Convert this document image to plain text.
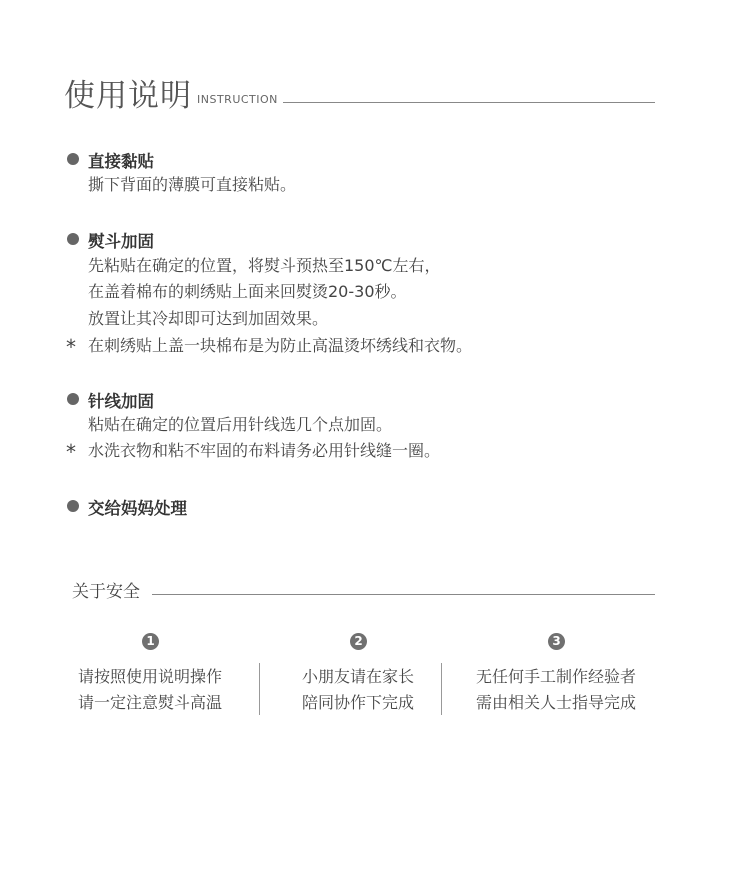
使用说明 INSTRUCTION
直接黏贴
撕下背面的薄膜可直接粘贴。
熨斗加固
先粘贴在确定的位置，将熨斗预热至150℃左右，
在盖着棉布的刺绣贴上面来回熨烫20-30秒。
放置让其冷却即可达到加固效果。
* 在刺绣贴上盖一块棉布是为防止高温烫坏绣线和衣物。
针线加固
粘贴在确定的位置后用针线选几个点加固。
* 水洗衣物和粘不牢固的布料请务必用针线缝一圈。
交给妈妈处理
关于安全
1	2	3
请按照使用说明操作
请一定注意熨斗高温
小朋友请在家长
陪同协作下完成
无任何手工制作经验者
需由相关人士指导完成
